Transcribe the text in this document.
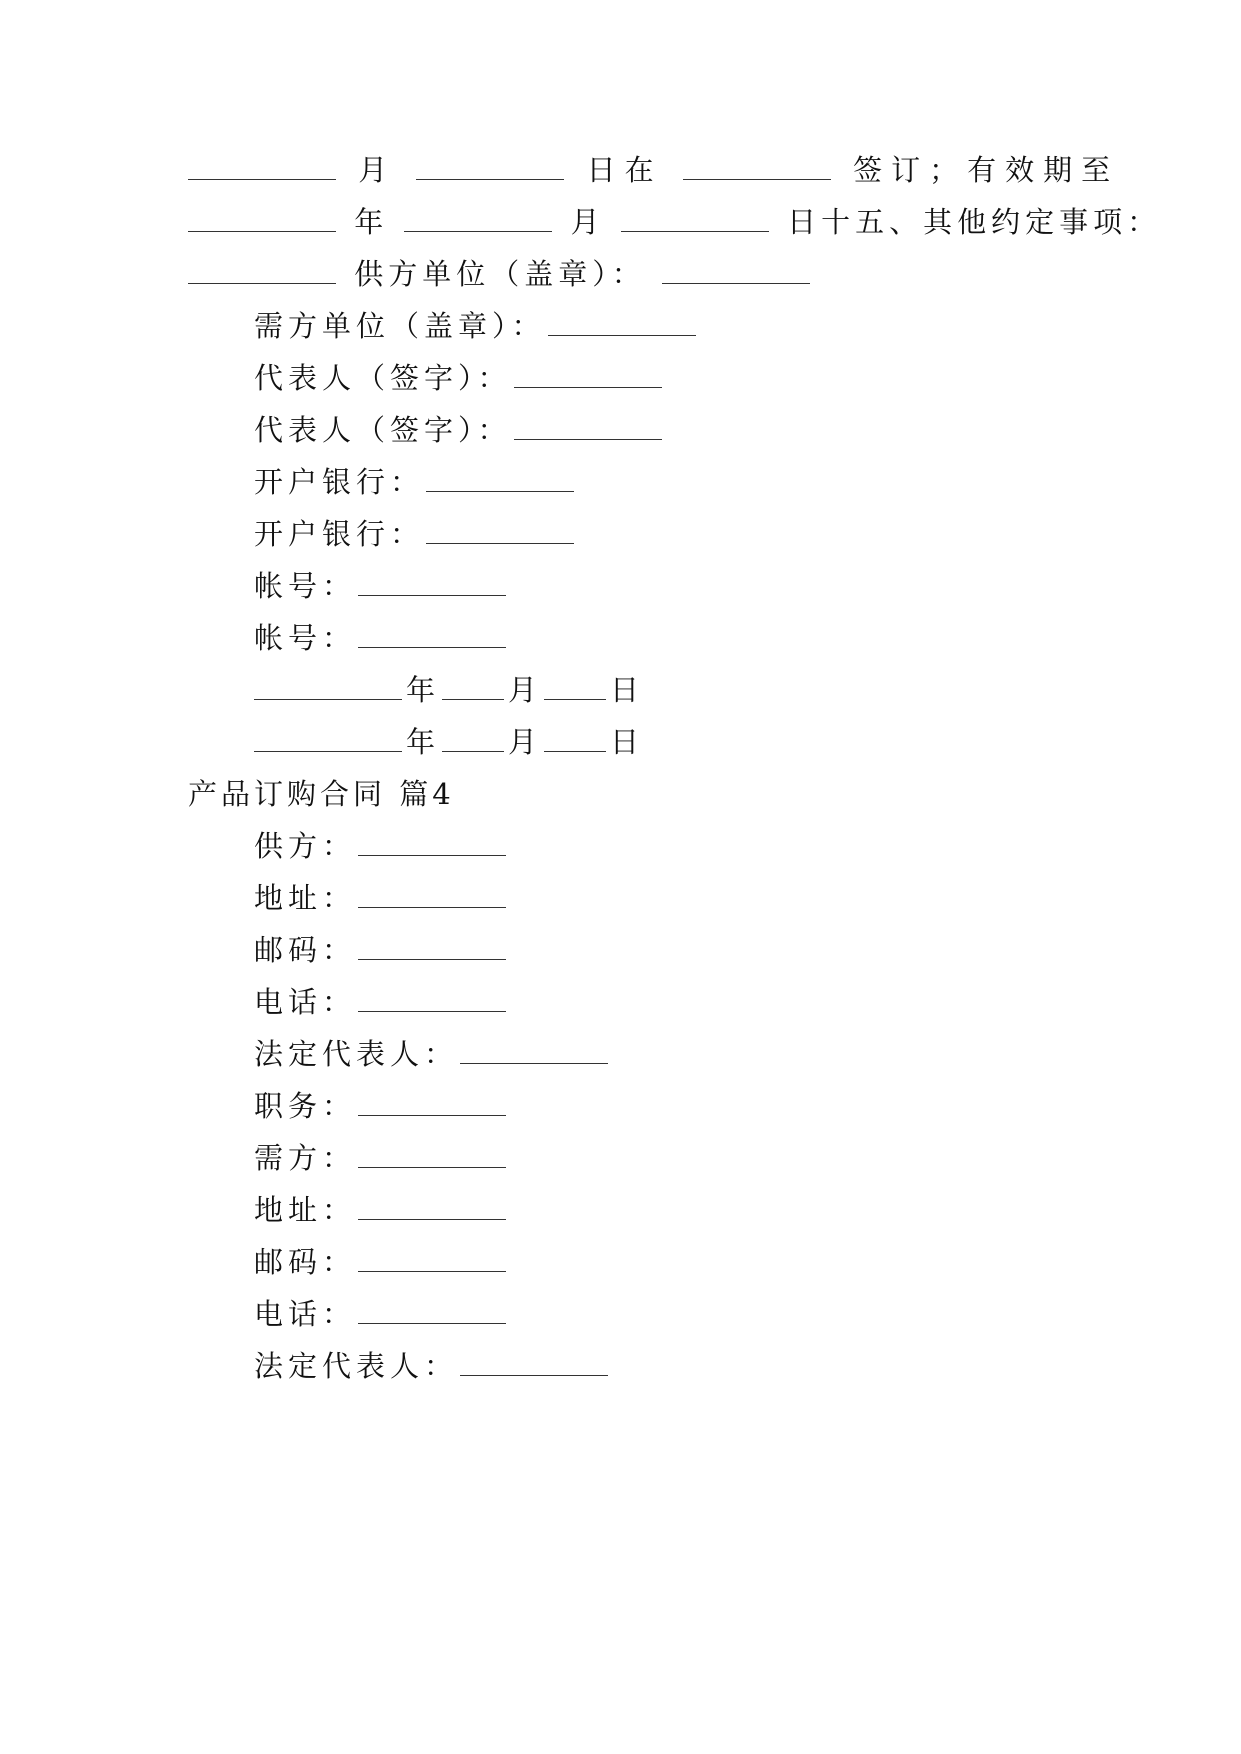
月	日在	签订；有效期至
年	月	日十五、其他约定事项：
供方单位（盖章）：
需方单位（盖章）：
代表人（签字）：
代表人（签字）：
开户银行：
开户银行：
帐号：
帐号：
年 月 日
年 月 日
产品订购合同 篇4
供方：
地址：
邮码：
电话：
法定代表人：
职务：
需方：
地址：
邮码：
电话：
法定代表人：
